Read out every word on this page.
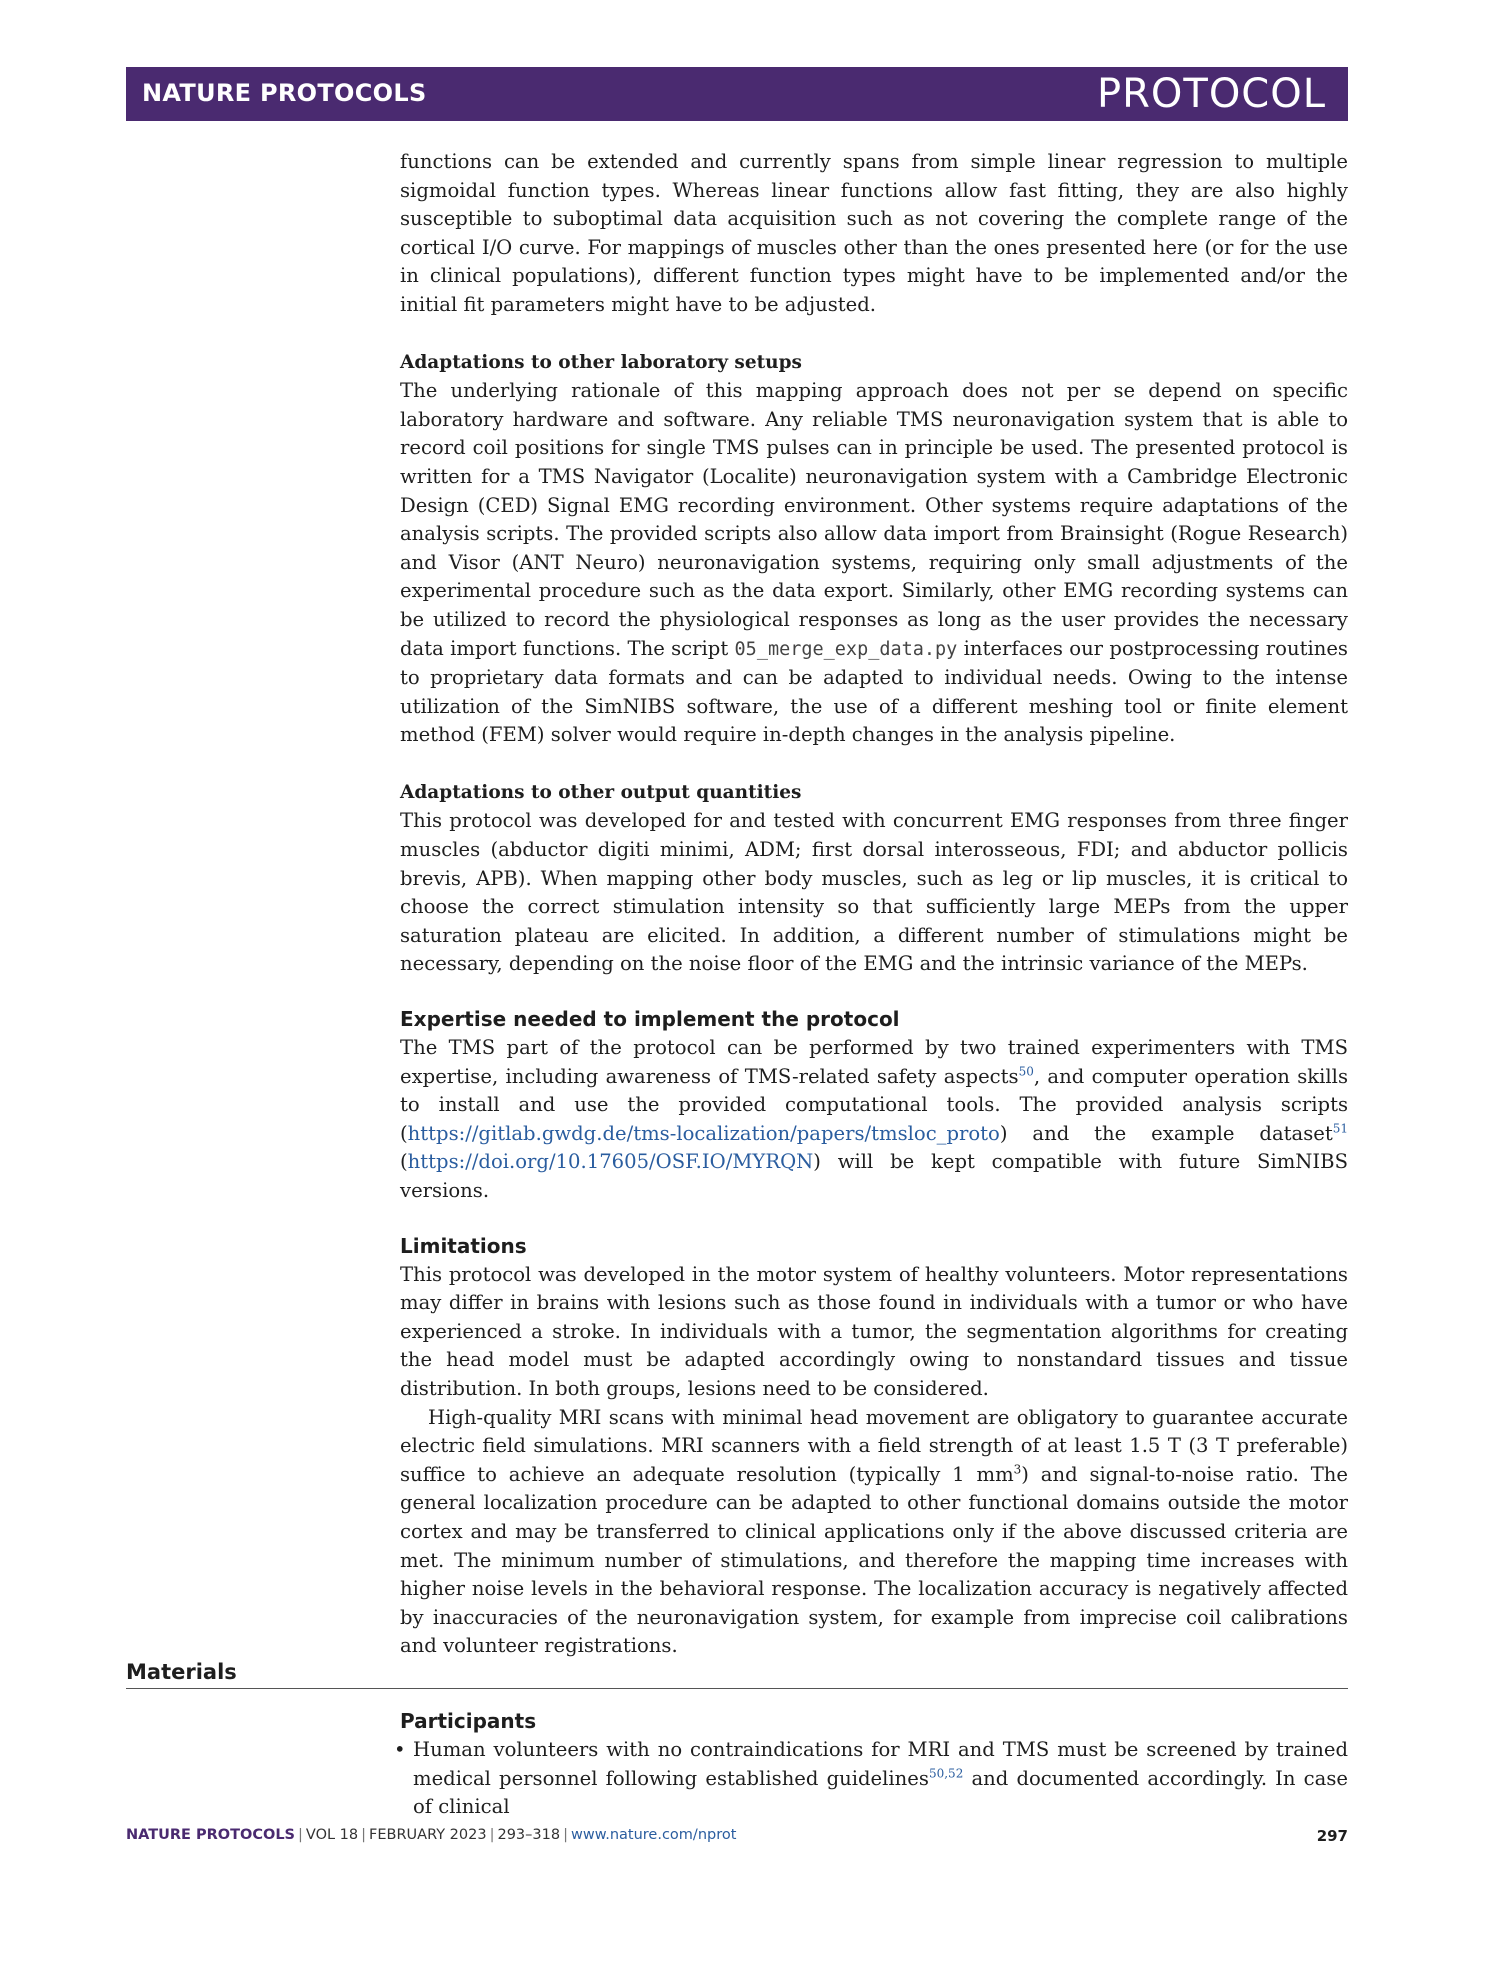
NATURE PROTOCOLS	PROTOCOL

functions can be extended and currently spans from simple linear regression to multiple sigmoidal function types. Whereas linear functions allow fast fitting, they are also highly susceptible to suboptimal data acquisition such as not covering the complete range of the cortical I/O curve. For mappings of muscles other than the ones presented here (or for the use in clinical populations), different function types might have to be implemented and/or the initial fit parameters might have to be adjusted.

Adaptations to other laboratory setups

The underlying rationale of this mapping approach does not per se depend on specific laboratory hardware and software. Any reliable TMS neuronavigation system that is able to record coil positions for single TMS pulses can in principle be used. The presented protocol is written for a TMS Navigator (Localite) neuronavigation system with a Cambridge Electronic Design (CED) Signal EMG recording environment. Other systems require adaptations of the analysis scripts. The provided scripts also allow data import from Brainsight (Rogue Research) and Visor (ANT Neuro) neuronavigation systems, requiring only small adjustments of the experimental procedure such as the data export. Similarly, other EMG recording systems can be utilized to record the physiological responses as long as the user provides the necessary data import functions. The script 05_merge_exp_data.py interfaces our postprocessing routines to proprietary data formats and can be adapted to individual needs. Owing to the intense utilization of the SimNIBS software, the use of a different meshing tool or finite element method (FEM) solver would require in-depth changes in the analysis pipeline.

Adaptations to other output quantities

This protocol was developed for and tested with concurrent EMG responses from three finger muscles (abductor digiti minimi, ADM; first dorsal interosseous, FDI; and abductor pollicis brevis, APB). When mapping other body muscles, such as leg or lip muscles, it is critical to choose the correct stimulation intensity so that sufficiently large MEPs from the upper saturation plateau are elicited. In addition, a different number of stimulations might be necessary, depending on the noise floor of the EMG and the intrinsic variance of the MEPs.

Expertise needed to implement the protocol

The TMS part of the protocol can be performed by two trained experimenters with TMS expertise, including awareness of TMS-related safety aspects$^{50}$, and computer operation skills to install and use the provided computational tools. The provided analysis scripts (https://gitlab.gwdg.de/tms-localization/papers/tmsloc_proto) and the example dataset$^{51}$ (https://doi.org/10.17605/OSF.IO/MYRQN) will be kept compatible with future SimNIBS versions.

Limitations

This protocol was developed in the motor system of healthy volunteers. Motor representations may differ in brains with lesions such as those found in individuals with a tumor or who have experienced a stroke. In individuals with a tumor, the segmentation algorithms for creating the head model must be adapted accordingly owing to nonstandard tissues and tissue distribution. In both groups, lesions need to be considered.

High-quality MRI scans with minimal head movement are obligatory to guarantee accurate electric field simulations. MRI scanners with a field strength of at least 1.5 T (3 T preferable) suffice to achieve an adequate resolution (typically 1 $mm^3$) and signal-to-noise ratio. The general localization procedure can be adapted to other functional domains outside the motor cortex and may be transferred to clinical applications only if the above discussed criteria are met. The minimum number of stimulations, and therefore the mapping time increases with higher noise levels in the behavioral response. The localization accuracy is negatively affected by inaccuracies of the neuronavigation system, for example from imprecise coil calibrations and volunteer registrations.

Materials
Participants
• Human volunteers with no contraindications for MRI and TMS must be screened by trained medical personnel following established guidelines$^{50,52}$ and documented accordingly. In case of clinical
NATURE PROTOCOLS | VOL 18 | FEBRUARY 2023 | 293–318 | www.nature.com/nprot	297
